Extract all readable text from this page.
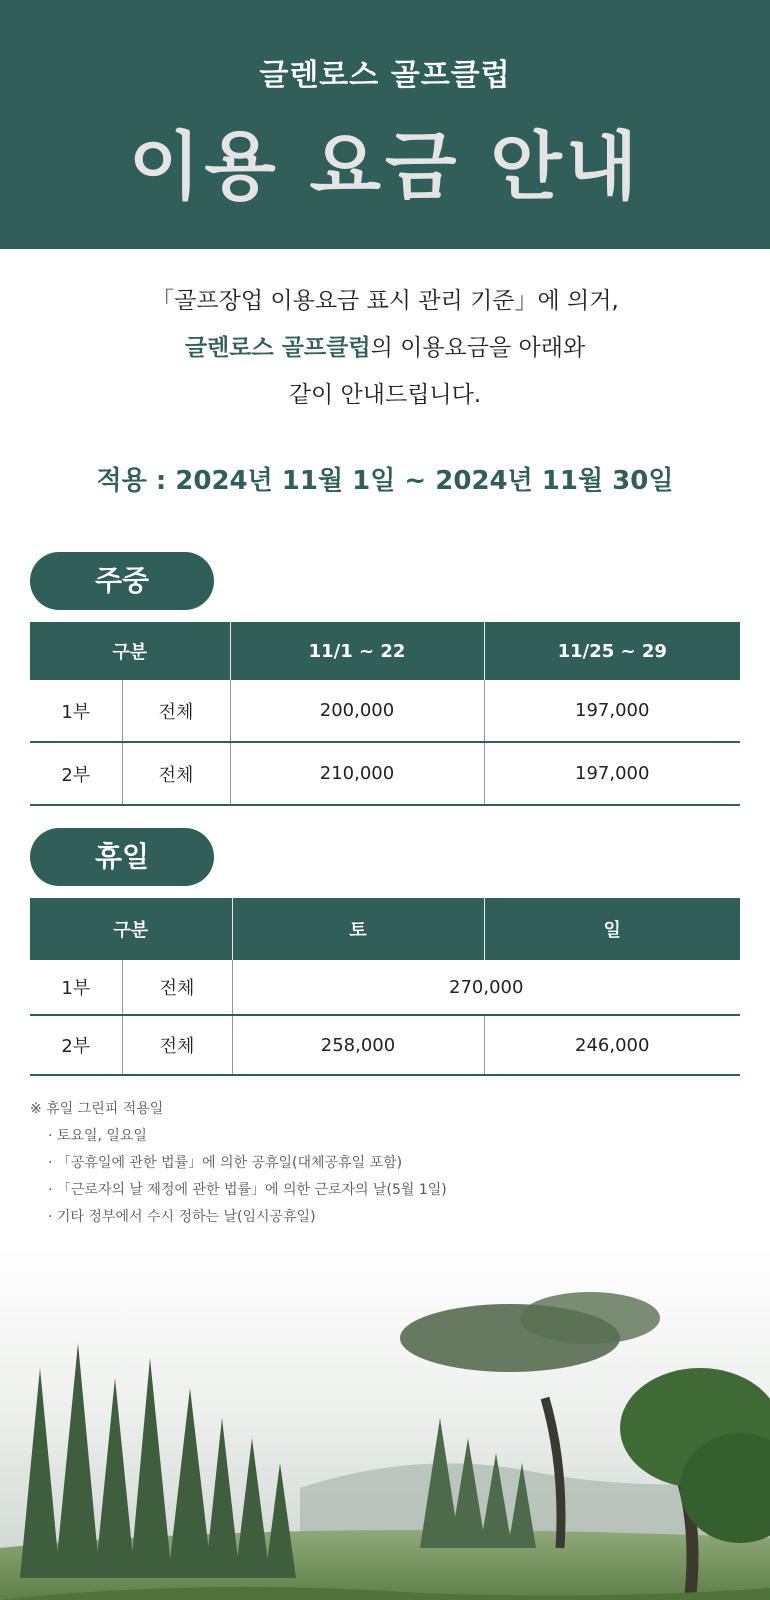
글렌로스 골프클럽
이용 요금 안내
「골프장업 이용요금 표시 관리 기준」에 의거,
글렌로스 골프클럽의 이용요금을 아래와
같이 안내드립니다.
적용 : 2024년 11월 1일 ~ 2024년 11월 30일
주중
구분		11/1 ~ 22	11/25 ~ 29
1부	전체	200,000	197,000
2부	전체	210,000	197,000
휴일
구분		토	일
1부	전체	270,000	
2부	전체	258,000	246,000
※ 휴일 그린피 적용일
· 토요일, 일요일
· 「공휴일에 관한 법률」에 의한 공휴일(대체공휴일 포함)
· 「근로자의 날 제정에 관한 법률」에 의한 근로자의 날(5월 1일)
· 기타 정부에서 수시 정하는 날(임시공휴일)
